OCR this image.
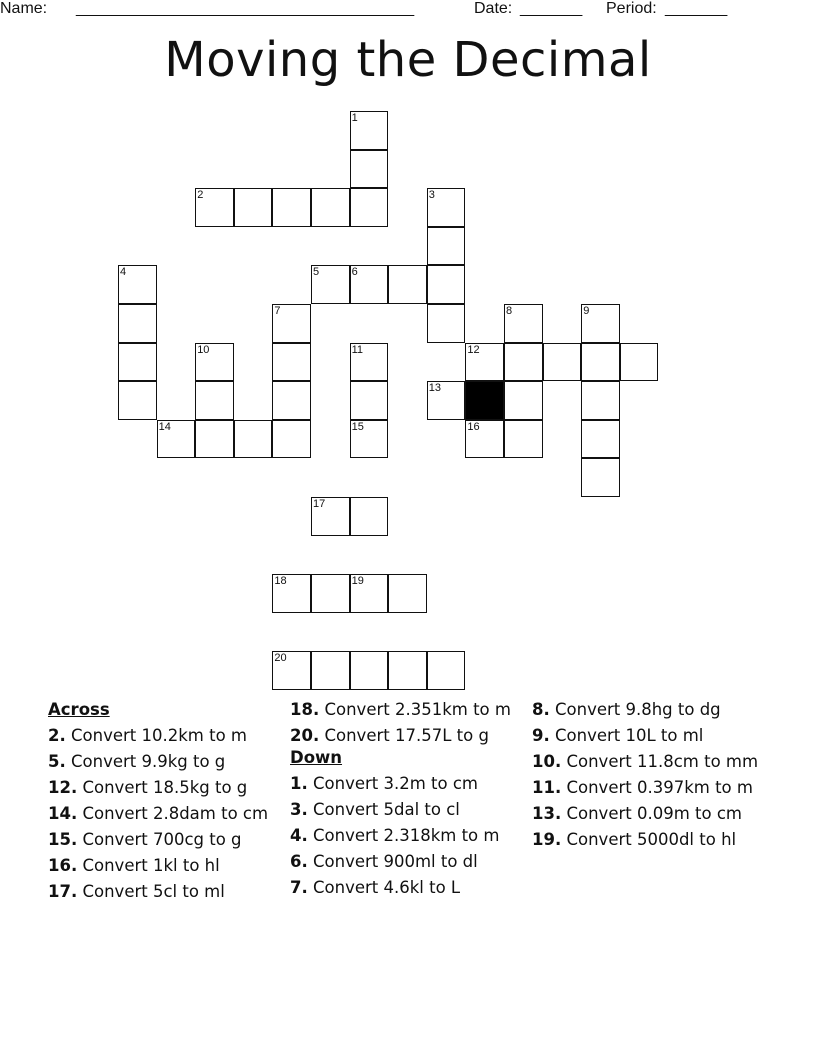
Name: ______________________________________	Date: _______ Period: _______
Moving the Decimal
1
2	3
4	5	6
7	8	9
10	11	12
13
14	15	16
17
18	19
20
Across
2. Convert 10.2km to m
5. Convert 9.9kg to g
12. Convert 18.5kg to g
14. Convert 2.8dam to cm
15. Convert 700cg to g
16. Convert 1kl to hl
17. Convert 5cl to ml
18. Convert 2.351km to m
20. Convert 17.57L to g
Down
1. Convert 3.2m to cm
3. Convert 5dal to cl
4. Convert 2.318km to m
6. Convert 900ml to dl
7. Convert 4.6kl to L
8. Convert 9.8hg to dg
9. Convert 10L to ml
10. Convert 11.8cm to mm
11. Convert 0.397km to m
13. Convert 0.09m to cm
19. Convert 5000dl to hl
